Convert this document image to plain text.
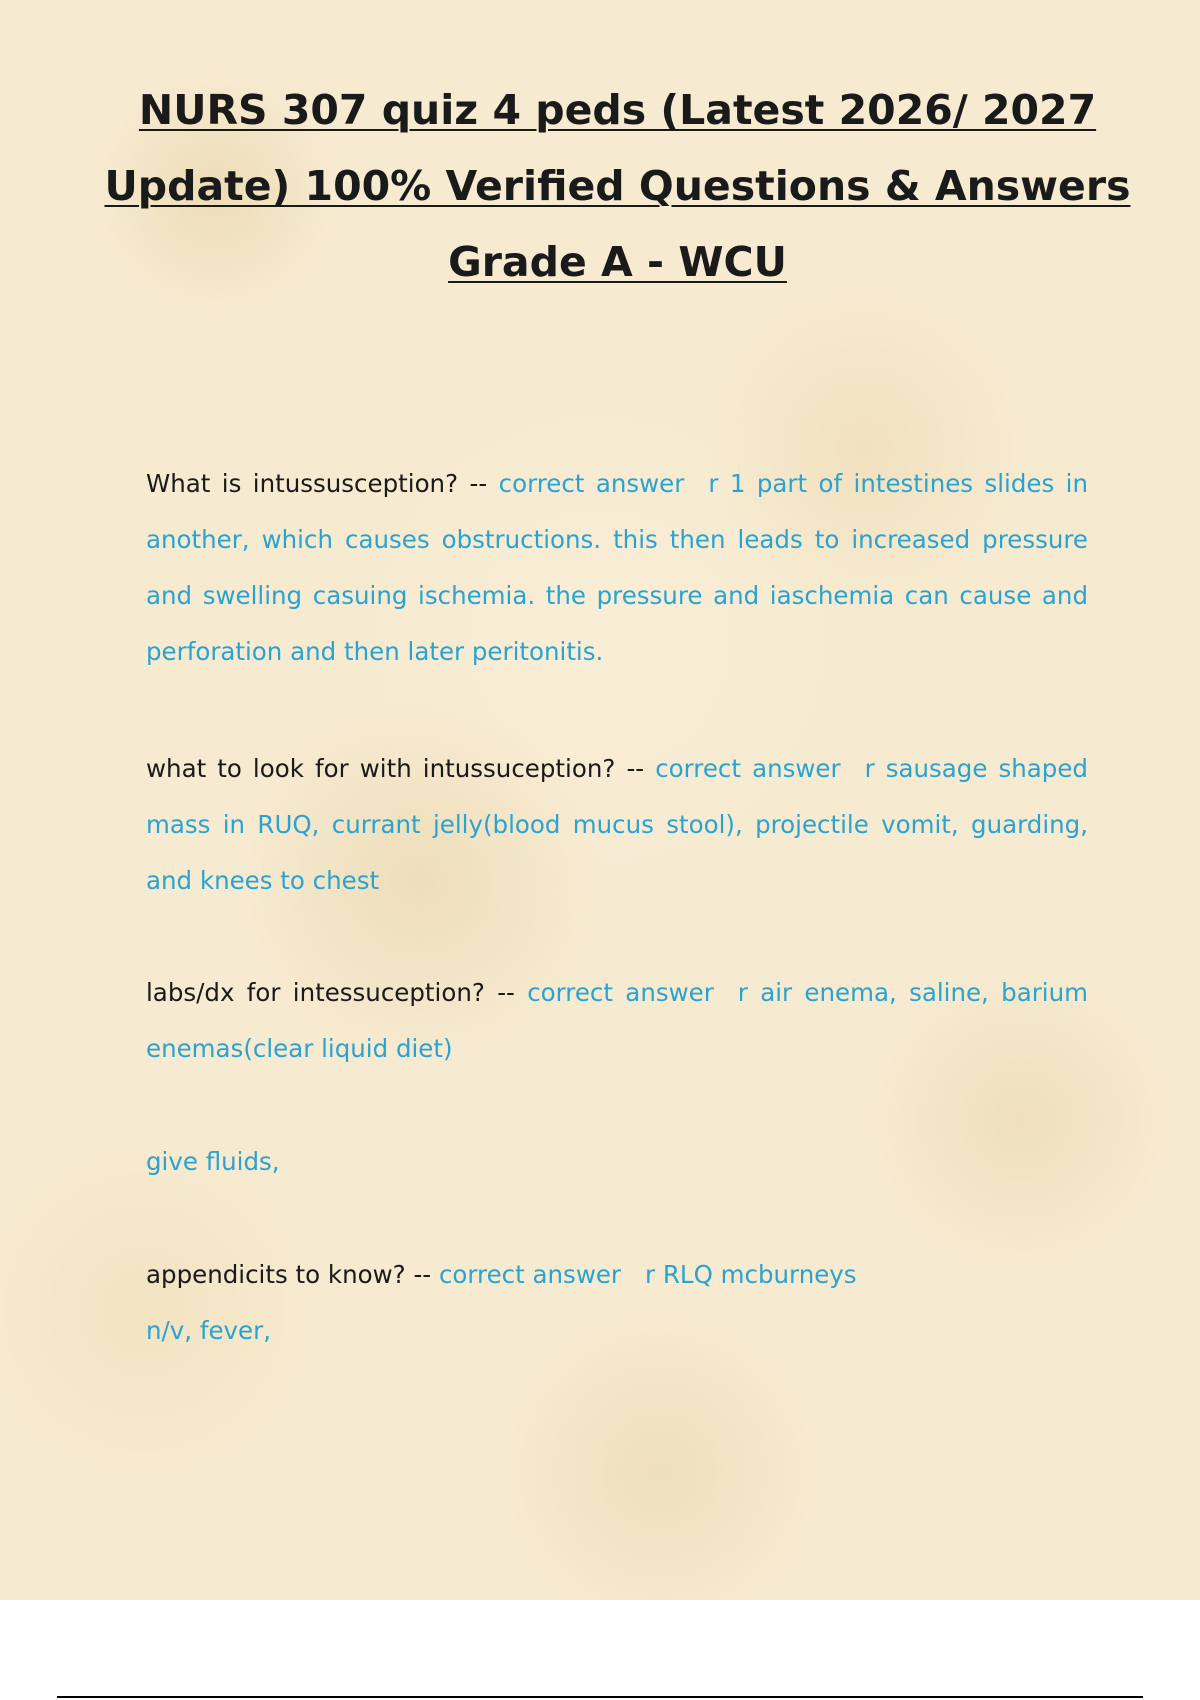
NURS 307 quiz 4 peds (Latest 2026/ 2027 Update) 100% Verified Questions & Answers Grade A - WCU

What is intussusception? -- correct answer r 1 part of intestines slides in another, which causes obstructions. this then leads to increased pressure and swelling casuing ischemia. the pressure and iaschemia can cause and perforation and then later peritonitis.

what to look for with intussuception? -- correct answer r sausage shaped mass in RUQ, currant jelly(blood mucus stool), projectile vomit, guarding, and knees to chest

labs/dx for intessuception? -- correct answer r air enema, saline, barium enemas(clear liquid diet)

give fluids,

appendicits to know? -- correct answer r RLQ mcburneys

n/v, fever,
